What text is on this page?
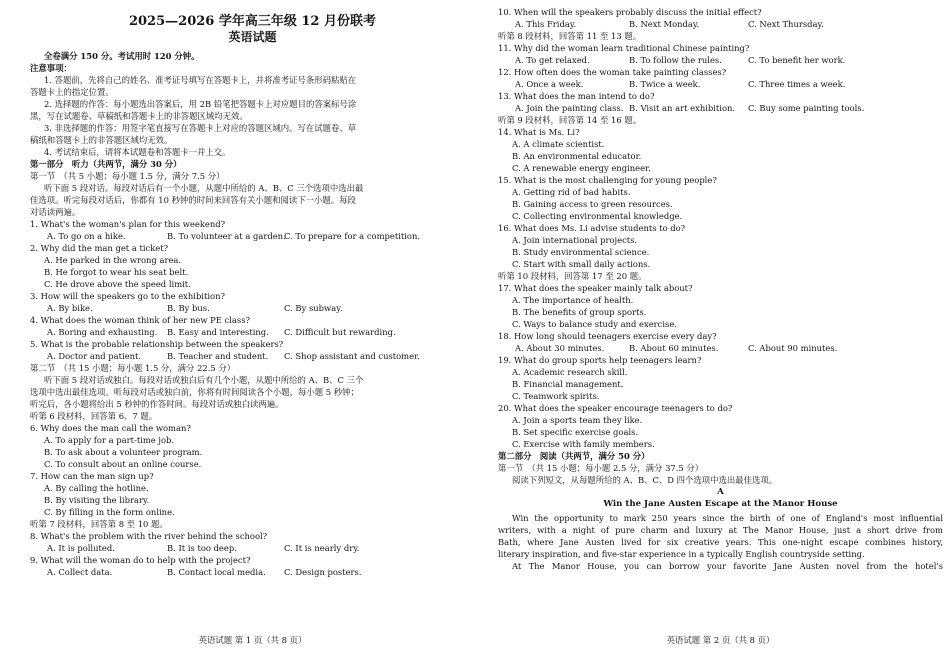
2025—2026 学年高三年级 12 月份联考
英语试题
全卷满分 150 分。考试用时 120 分钟。
注意事项：
1. 答题前，先将自己的姓名、准考证号填写在答题卡上，并将准考证号条形码粘贴在
答题卡上的指定位置。
2. 选择题的作答：每小题选出答案后，用 2B 铅笔把答题卡上对应题目的答案标号涂
黑，写在试题卷、草稿纸和答题卡上的非答题区域均无效。
3. 非选择题的作答：用签字笔直接写在答题卡上对应的答题区域内。写在试题卷、草
稿纸和答题卡上的非答题区域均无效。
4. 考试结束后，请将本试题卷和答题卡一并上交。
第一部分　听力（共两节，满分 30 分）
第一节　（共 5 小题；每小题 1.5 分，满分 7.5 分）
听下面 5 段对话。每段对话后有一个小题，从题中所给的 A、B、C 三个选项中选出最
佳选项。听完每段对话后，你都有 10 秒钟的时间来回答有关小题和阅读下一小题。每段
对话读两遍。
1. What's the woman's plan for this weekend?
A. To go on a hike.	B. To volunteer at a garden.
C. To prepare for a competition.
2. Why did the man get a ticket?
A. He parked in the wrong area.
B. He forgot to wear his seat belt.
C. He drove above the speed limit.
3. How will the speakers go to the exhibition?
A. By bike.	B. By bus.	C. By subway.
4. What does the woman think of her new PE class?
A. Boring and exhausting. B. Easy and interesting. C. Difficult but rewarding.
5. What is the probable relationship between the speakers?
A. Doctor and patient.	B. Teacher and student. C. Shop assistant and customer.
第二节　（共 15 小题；每小题 1.5 分，满分 22.5 分）
听下面 5 段对话或独白。每段对话或独白后有几个小题，从题中所给的 A、B、C 三个
选项中选出最佳选项。听每段对话或独白前，你将有时间阅读各个小题，每小题 5 秒钟；
听完后，各小题将给出 5 秒钟的作答时间。每段对话或独白读两遍。
听第 6 段材料，回答第 6、7 题。
6. Why does the man call the woman?
A. To apply for a part-time job.
B. To ask about a volunteer program.
C. To consult about an online course.
7. How can the man sign up?
A. By calling the hotline.
B. By visiting the library.
C. By filling in the form online.
听第 7 段材料，回答第 8 至 10 题。
8. What's the problem with the river behind the school?
A. It is polluted.	B. It is too deep.	C. It is nearly dry.
9. What will the woman do to help with the project?
A. Collect data.	B. Contact local media. C. Design posters.
英语试题 第 1 页（共 8 页）
10. When will the speakers probably discuss the initial effect?
A. This Friday.	B. Next Monday.	C. Next Thursday.
听第 8 段材料，回答第 11 至 13 题。
11. Why did the woman learn traditional Chinese painting?
A. To get relaxed.	B. To follow the rules.	C. To benefit her work.
12. How often does the woman take painting classes?
A. Once a week.	B. Twice a week.	C. Three times a week.
13. What does the man intend to do?
A. Join the painting class. B. Visit an art exhibition. C. Buy some painting tools.
听第 9 段材料，回答第 14 至 16 题。
14. What is Ms. Li?
A. A climate scientist.
B. An environmental educator.
C. A renewable energy engineer.
15. What is the most challenging for young people?
A. Getting rid of bad habits.
B. Gaining access to green resources.
C. Collecting environmental knowledge.
16. What does Ms. Li advise students to do?
A. Join international projects.
B. Study environmental science.
C. Start with small daily actions.
听第 10 段材料，回答第 17 至 20 题。
17. What does the speaker mainly talk about?
A. The importance of health.
B. The benefits of group sports.
C. Ways to balance study and exercise.
18. How long should teenagers exercise every day?
A. About 30 minutes.	B. About 60 minutes.	C. About 90 minutes.
19. What do group sports help teenagers learn?
A. Academic research skill.
B. Financial management.
C. Teamwork spirits.
20. What does the speaker encourage teenagers to do?
A. Join a sports team they like.
B. Set specific exercise goals.
C. Exercise with family members.
第二部分　阅读（共两节，满分 50 分）
第一节　（共 15 小题；每小题 2.5 分，满分 37.5 分）
阅读下列短文，从每题所给的 A、B、C、D 四个选项中选出最佳选项。
A
Win the Jane Austen Escape at the Manor House
Win the opportunity to mark 250 years since the birth of one of England's most influential
writers, with a night of pure charm and luxury at The Manor House, just a short drive from
Bath, where Jane Austen lived for six creative years. This one-night escape combines history,
literary inspiration, and five-star experience in a typically English countryside setting.
At The Manor House, you can borrow your favorite Jane Austen novel from the hotel's
英语试题 第 2 页（共 8 页）
